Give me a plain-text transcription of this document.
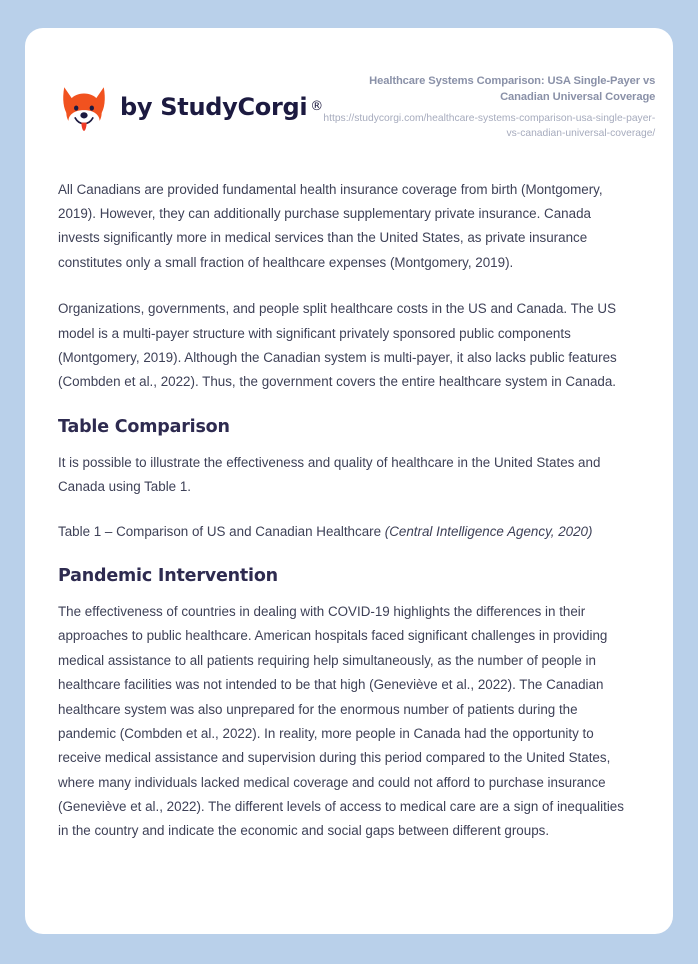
by StudyCorgi ®

Healthcare Systems Comparison: USA Single-Payer vs Canadian Universal Coverage

https://studycorgi.com/healthcare-systems-comparison-usa-single-payer-vs-canadian-universal-coverage/

All Canadians are provided fundamental health insurance coverage from birth (Montgomery, 2019). However, they can additionally purchase supplementary private insurance. Canada invests significantly more in medical services than the United States, as private insurance constitutes only a small fraction of healthcare expenses (Montgomery, 2019).

Organizations, governments, and people split healthcare costs in the US and Canada. The US model is a multi-payer structure with significant privately sponsored public components (Montgomery, 2019). Although the Canadian system is multi-payer, it also lacks public features (Combden et al., 2022). Thus, the government covers the entire healthcare system in Canada.

Table Comparison

It is possible to illustrate the effectiveness and quality of healthcare in the United States and Canada using Table 1.

Table 1 – Comparison of US and Canadian Healthcare (Central Intelligence Agency, 2020)

Pandemic Intervention

The effectiveness of countries in dealing with COVID-19 highlights the differences in their approaches to public healthcare. American hospitals faced significant challenges in providing medical assistance to all patients requiring help simultaneously, as the number of people in healthcare facilities was not intended to be that high (Geneviève et al., 2022). The Canadian healthcare system was also unprepared for the enormous number of patients during the pandemic (Combden et al., 2022). In reality, more people in Canada had the opportunity to receive medical assistance and supervision during this period compared to the United States, where many individuals lacked medical coverage and could not afford to purchase insurance (Geneviève et al., 2022). The different levels of access to medical care are a sign of inequalities in the country and indicate the economic and social gaps between different groups.
